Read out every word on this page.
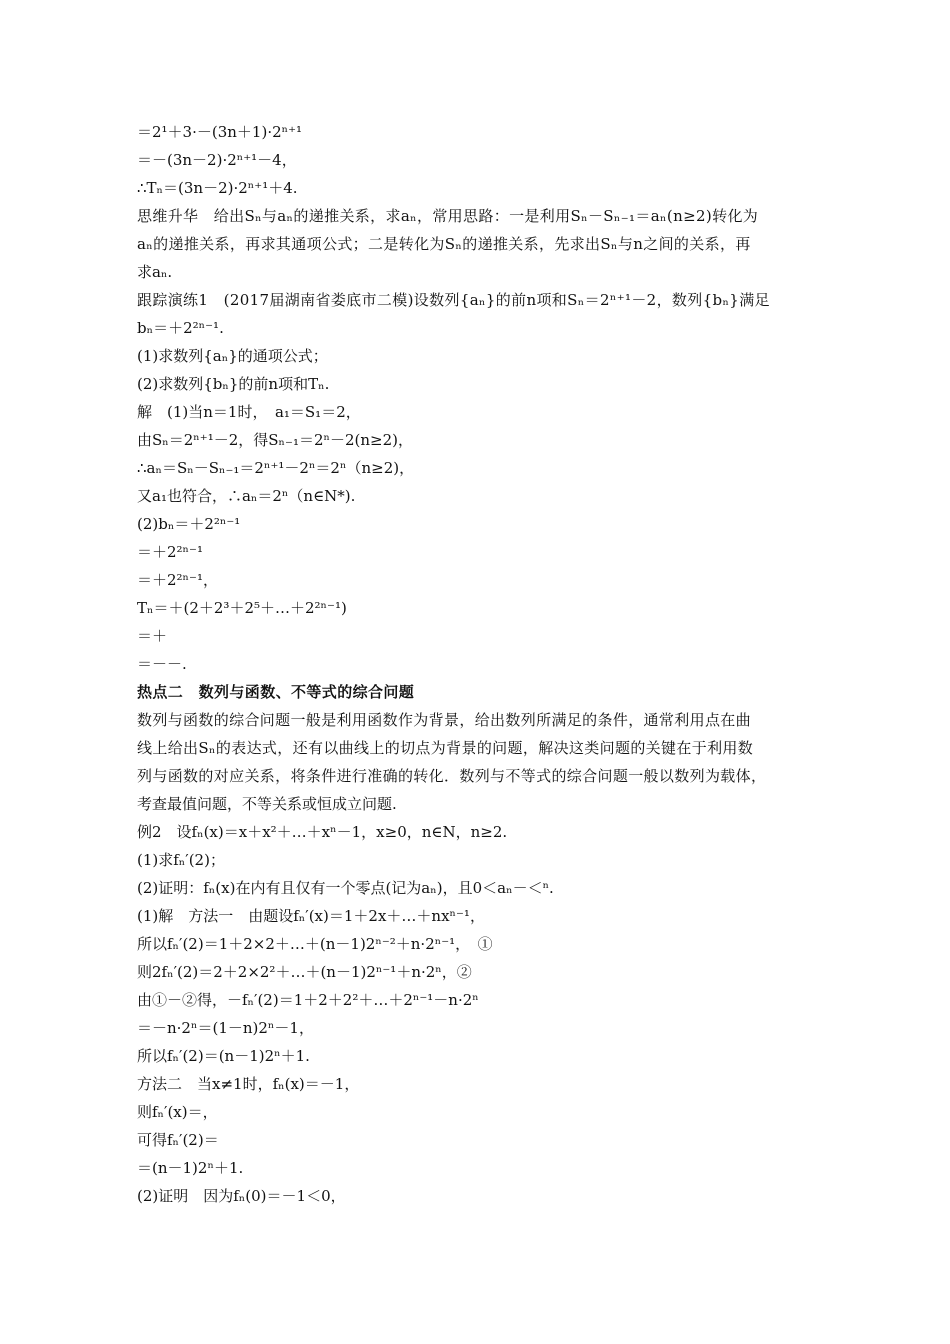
＝2¹＋3·－(3n＋1)·2ⁿ⁺¹
＝－(3n－2)·2ⁿ⁺¹－4，
∴Tₙ＝(3n－2)·2ⁿ⁺¹＋4.
思维升华　给出Sₙ与aₙ的递推关系，求aₙ，常用思路：一是利用Sₙ－Sₙ₋₁＝aₙ(n≥2)转化为
aₙ的递推关系，再求其通项公式；二是转化为Sₙ的递推关系，先求出Sₙ与n之间的关系，再
求aₙ.
跟踪演练1　(2017届湖南省娄底市二模)设数列{aₙ}的前n项和Sₙ＝2ⁿ⁺¹－2，数列{bₙ}满足
bₙ＝＋2²ⁿ⁻¹.
(1)求数列{aₙ}的通项公式；
(2)求数列{bₙ}的前n项和Tₙ.
解　(1)当n＝1时，　a₁＝S₁＝2，
由Sₙ＝2ⁿ⁺¹－2，得Sₙ₋₁＝2ⁿ－2(n≥2)，
∴aₙ＝Sₙ－Sₙ₋₁＝2ⁿ⁺¹－2ⁿ＝2ⁿ（n≥2)，
又a₁也符合，∴aₙ＝2ⁿ（n∈N*).
(2)bₙ＝＋2²ⁿ⁻¹
＝＋2²ⁿ⁻¹
＝＋2²ⁿ⁻¹，
Tₙ＝＋(2＋2³＋2⁵＋…＋2²ⁿ⁻¹)
＝＋
＝－－.
热点二　数列与函数、不等式的综合问题
数列与函数的综合问题一般是利用函数作为背景，给出数列所满足的条件，通常利用点在曲
线上给出Sₙ的表达式，还有以曲线上的切点为背景的问题，解决这类问题的关键在于利用数
列与函数的对应关系，将条件进行准确的转化．数列与不等式的综合问题一般以数列为载体，
考查最值问题，不等关系或恒成立问题.
例2　设fₙ(x)＝x＋x²＋…＋xⁿ－1，x≥0，n∈N，n≥2.
(1)求fₙ′(2)；
(2)证明：fₙ(x)在内有且仅有一个零点(记为aₙ)，且0＜aₙ－＜ⁿ.
(1)解　方法一　由题设fₙ′(x)＝1＋2x＋…＋nxⁿ⁻¹，
所以fₙ′(2)＝1＋2×2＋…＋(n－1)2ⁿ⁻²＋n·2ⁿ⁻¹，　①
则2fₙ′(2)＝2＋2×2²＋…＋(n－1)2ⁿ⁻¹＋n·2ⁿ，②
由①－②得，－fₙ′(2)＝1＋2＋2²＋…＋2ⁿ⁻¹－n·2ⁿ
＝－n·2ⁿ＝(1－n)2ⁿ－1，
所以fₙ′(2)＝(n－1)2ⁿ＋1.
方法二　当x≠1时，fₙ(x)＝－1，
则fₙ′(x)＝，
可得fₙ′(2)＝
＝(n－1)2ⁿ＋1.
(2)证明　因为fₙ(0)＝－1＜0，
